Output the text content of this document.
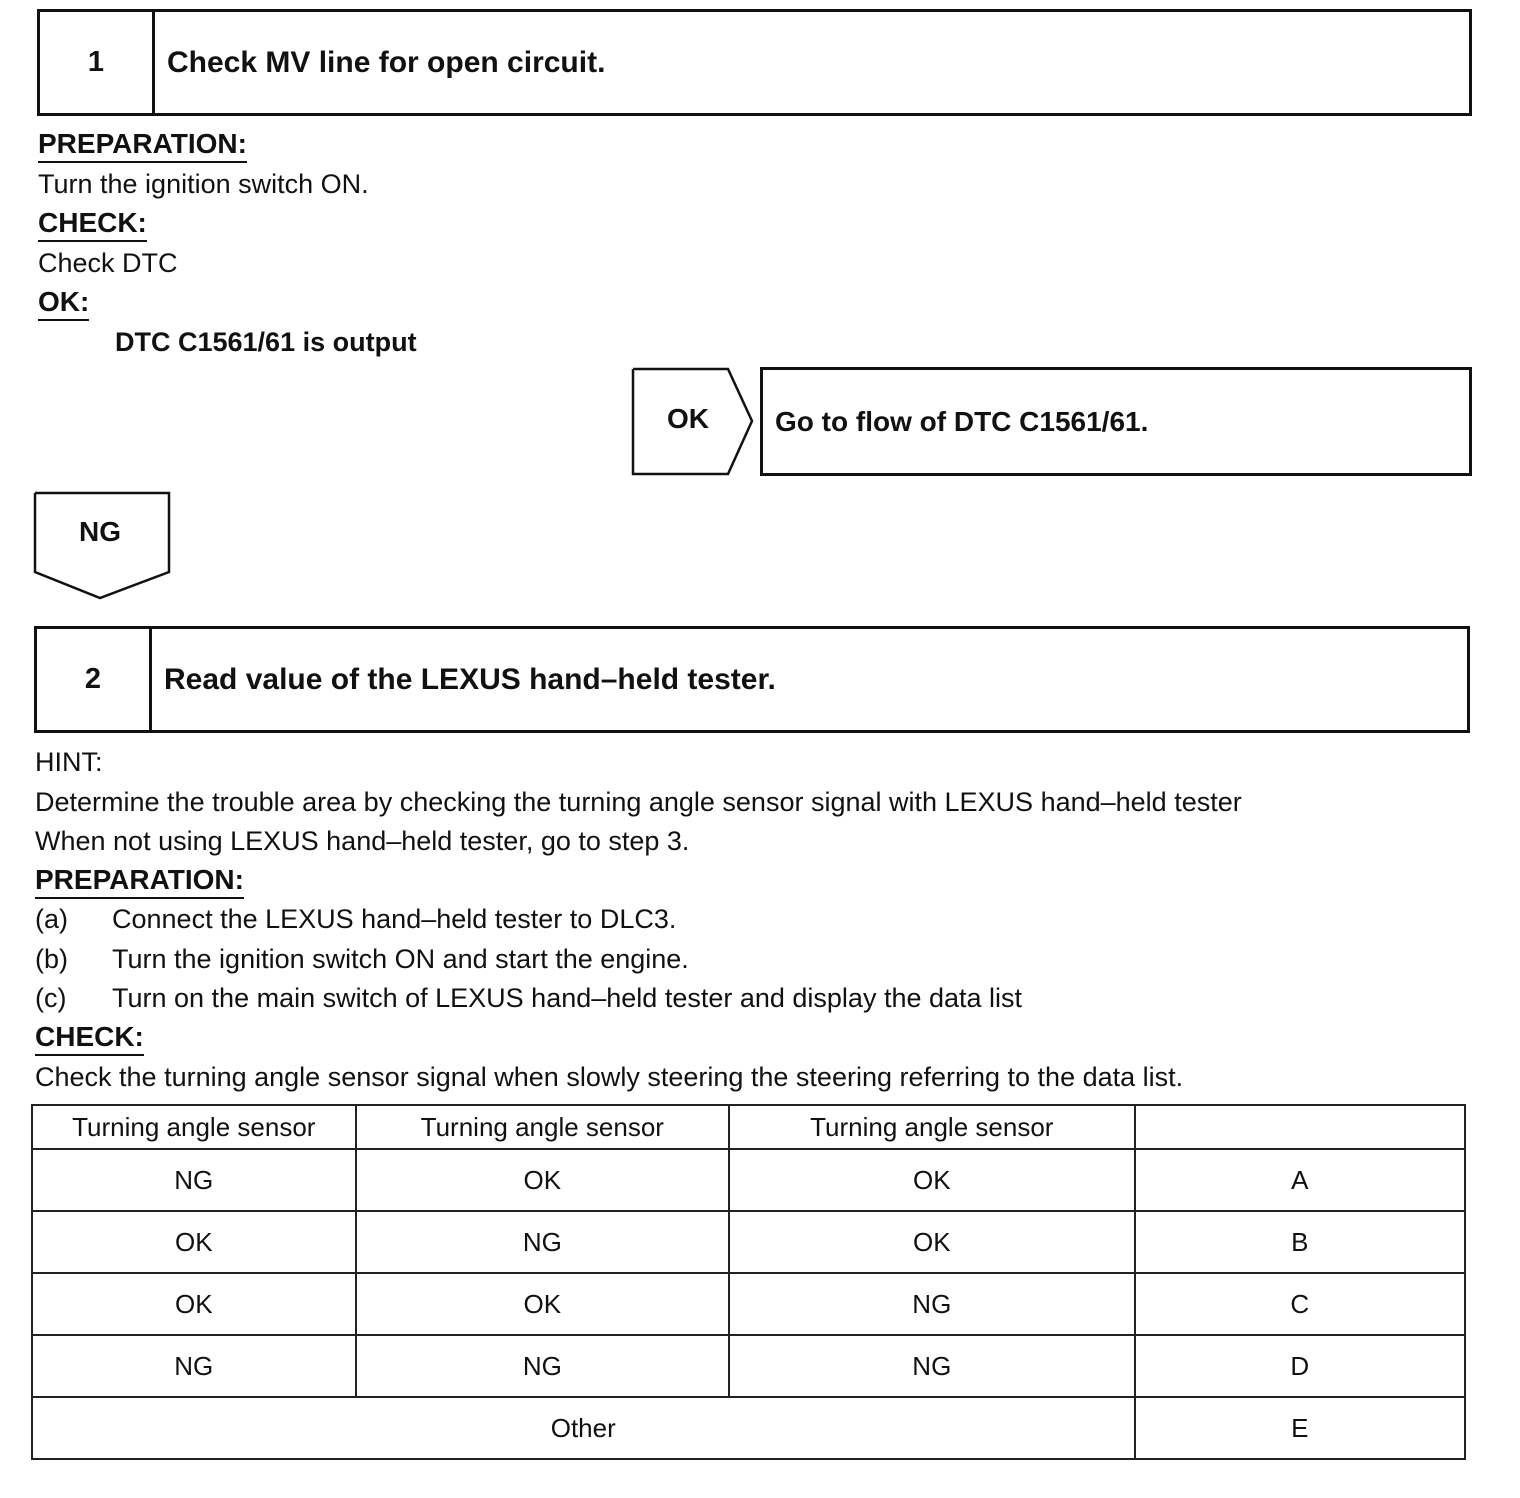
1	Check MV line for open circuit.
PREPARATION:
Turn the ignition switch ON.
CHECK:
Check DTC
OK:
DTC C1561/61 is output
OK	Go to flow of DTC C1561/61.
NG
2	Read value of the LEXUS hand–held tester.
HINT:
Determine the trouble area by checking the turning angle sensor signal with LEXUS hand–held tester
When not using LEXUS hand–held tester, go to step 3.
PREPARATION:
(a) Connect the LEXUS hand–held tester to DLC3.
(b) Turn the ignition switch ON and start the engine.
(c) Turn on the main switch of LEXUS hand–held tester and display the data list
CHECK:
Check the turning angle sensor signal when slowly steering the steering referring to the data list.
Turning angle sensor	Turning angle sensor	Turning angle sensor	
NG	OK	OK	A
OK	NG	OK	B
OK	OK	NG	C
NG	NG	NG	D
Other			E
